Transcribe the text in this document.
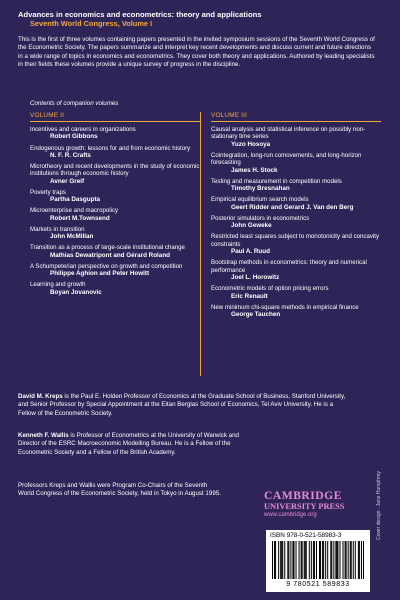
Advances in economics and econometrics: theory and applications
Seventh World Congress, Volume I
This is the first of three volumes containing papers presented in the invited symposium sessions of the Seventh World Congress of the Econometric Society. The papers summarize and interpret key recent developments and discuss current and future directions in a wide range of topics in economics and econometrics. They cover both theory and applications. Authored by leading specialists in their fields these volumes provide a unique survey of progress in the discipline.
Contents of companion volumes
VOLUME II	VOLUME III
Incentives and careers in organizations
Robert Gibbons
Endogenous growth: lessons for and from economic history
N. F. R. Crafts
Microtheory and recent developments in the study of economic institutions through economic history
Avner Greif
Poverty traps
Partha Dasgupta
Microenterprise and macropolicy
Robert M.Townsend
Markets in transition
John McMillan
Transition as a process of large-scale institutional change
Mathias Dewatripont and Gérard Roland
A Schumpeterian perspective on growth and competition
Philippe Aghion and Peter Howitt
Learning and growth
Boyan Jovanovic
Causal analysis and statistical inference on possibly non-stationary time series
Yuzo Hosoya
Cointegration, long-run comovements, and long-horizon forecasting
James H. Stock
Testing and measurement in competition models
Timothy Bresnahan
Empirical equilibrium search models
Geert Ridder and Gerard J. Van den Berg
Posterior simulators in econometrics
John Geweke
Restricted least squares subject to monotonicity and concavity constraints
Paul A. Ruud
Bootstrap methods in econometrics: theory and numerical performance
Joel L. Horowitz
Econometric models of option pricing errors
Eric Renault
New minimum chi-square methods in empirical finance
George Tauchen
David M. Kreps is the Paul E. Holden Professor of Economics at the Graduate School of Business, Stanford University, and Senior Professor by Special Appointment at the Eitan Berglas School of Economics, Tel Aviv University. He is a Fellow of the Econometric Society.
Kenneth F. Wallis is Professor of Econometrics at the University of Warwick and Director of the ESRC Macroeconomic Modelling Bureau. He is a Fellow of the Econometric Society and a Fellow of the British Academy.
Professors Kreps and Wallis were Program Co-Chairs of the Seventh World Congress of the Econometric Society, held in Tokyo in August 1995.	CAMBRIDGE
UNIVERSITY PRESS
www.cambridge.org
ISBN 978-0-521-58983-3
9 780521 589833
Cover design : Jane Humphrey
